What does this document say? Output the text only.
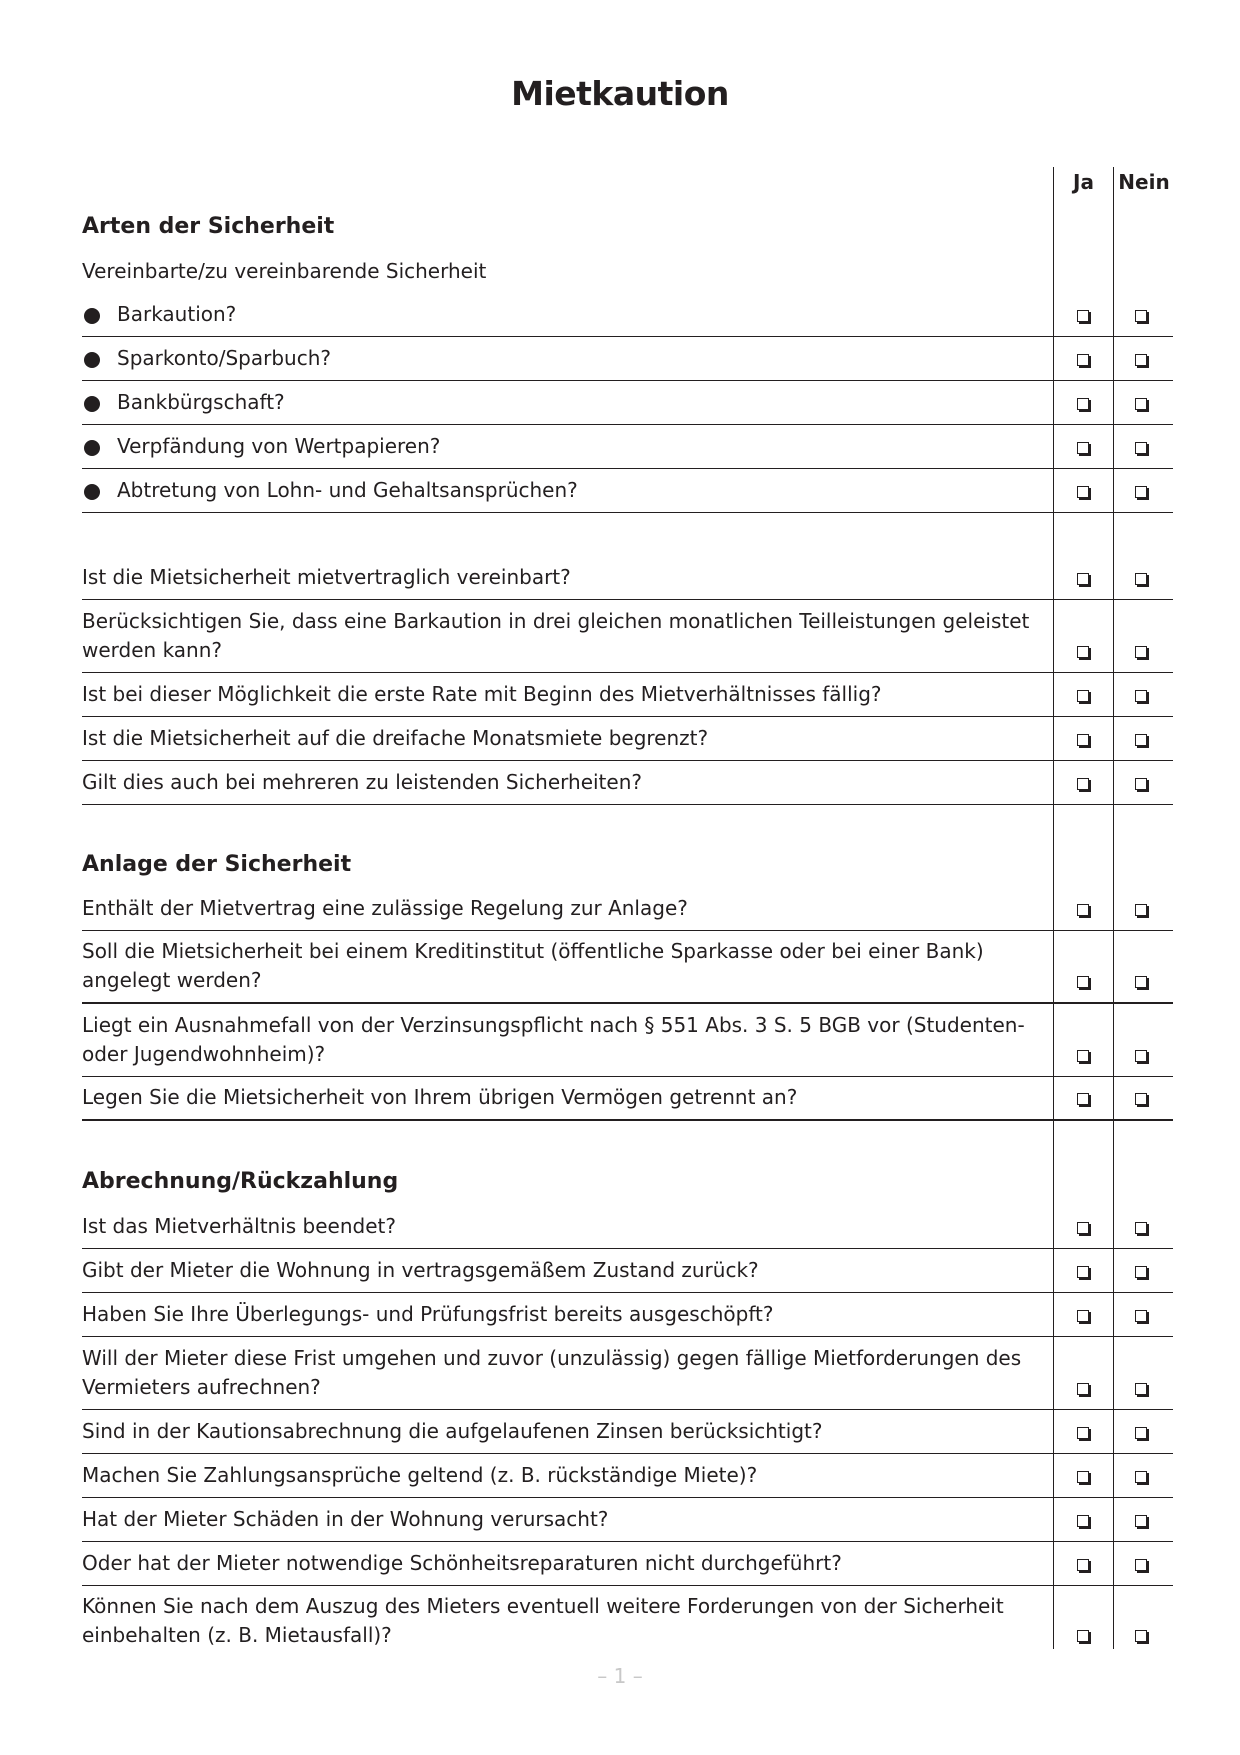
Mietkaution
Ja	Nein
Arten der Sicherheit
Vereinbarte/zu vereinbarende Sicherheit
Barkaution?
Sparkonto/Sparbuch?
Bankbürgschaft?
Verpfändung von Wertpapieren?
Abtretung von Lohn- und Gehaltsansprüchen?
Ist die Mietsicherheit mietvertraglich vereinbart?
Berücksichtigen Sie, dass eine Barkaution in drei gleichen monatlichen Teilleistungen geleistet werden kann?
Ist bei dieser Möglichkeit die erste Rate mit Beginn des Mietverhältnisses fällig?
Ist die Mietsicherheit auf die dreifache Monatsmiete begrenzt?
Gilt dies auch bei mehreren zu leistenden Sicherheiten?
Anlage der Sicherheit
Enthält der Mietvertrag eine zulässige Regelung zur Anlage?
Soll die Mietsicherheit bei einem Kreditinstitut (öffentliche Sparkasse oder bei einer Bank) angelegt werden?
Liegt ein Ausnahmefall von der Verzinsungspflicht nach § 551 Abs. 3 S. 5 BGB vor (Studenten- oder Jugendwohnheim)?
Legen Sie die Mietsicherheit von Ihrem übrigen Vermögen getrennt an?
Abrechnung/Rückzahlung
Ist das Mietverhältnis beendet?
Gibt der Mieter die Wohnung in vertragsgemäßem Zustand zurück?
Haben Sie Ihre Überlegungs- und Prüfungsfrist bereits ausgeschöpft?
Will der Mieter diese Frist umgehen und zuvor (unzulässig) gegen fällige Mietforderungen des Vermieters aufrechnen?
Sind in der Kautionsabrechnung die aufgelaufenen Zinsen berücksichtigt?
Machen Sie Zahlungsansprüche geltend (z. B. rückständige Miete)?
Hat der Mieter Schäden in der Wohnung verursacht?
Oder hat der Mieter notwendige Schönheitsreparaturen nicht durchgeführt?
Können Sie nach dem Auszug des Mieters eventuell weitere Forderungen von der Sicherheit einbehalten (z. B. Mietausfall)?
– 1 –
